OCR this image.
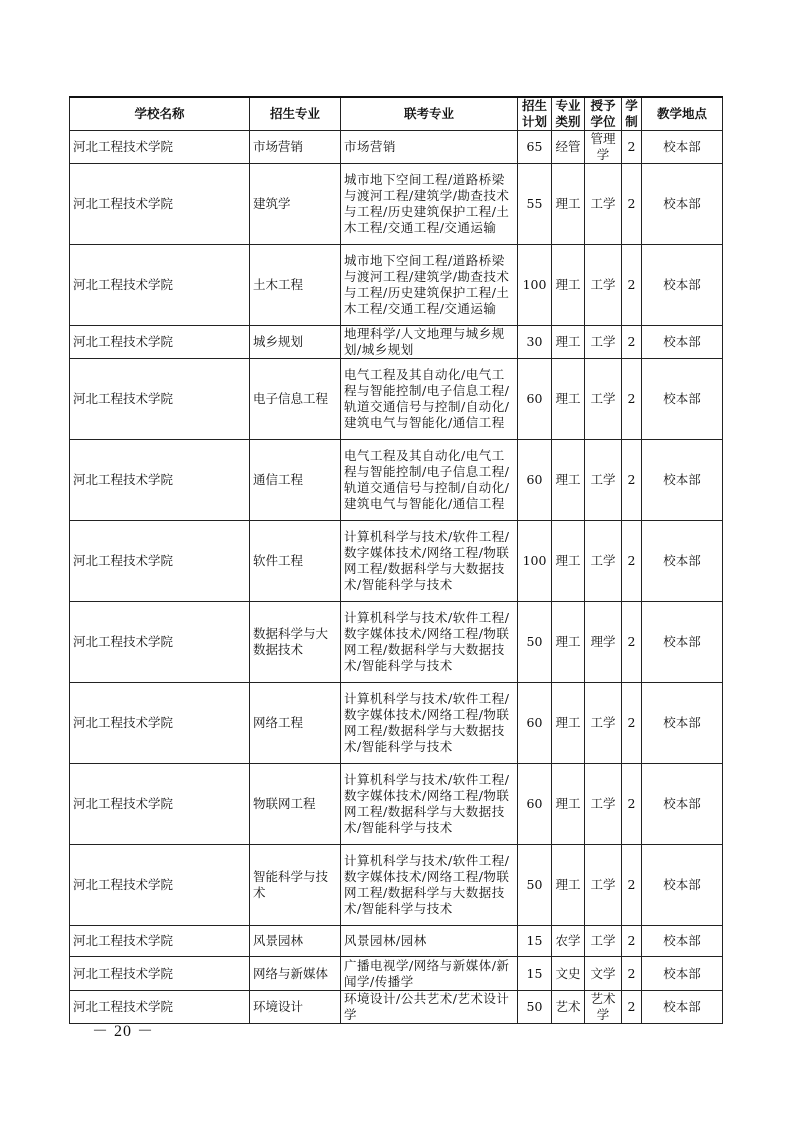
学校名称	招生专业	联考专业	招生计划	专业类别	授予学位	学制	教学地点
河北工程技术学院	市场营销	市场营销	65	经管	管理学	2	校本部
河北工程技术学院	建筑学	城市地下空间工程/道路桥梁与渡河工程/建筑学/勘查技术与工程/历史建筑保护工程/土木工程/交通工程/交通运输	55	理工	工学	2	校本部
河北工程技术学院	土木工程	城市地下空间工程/道路桥梁与渡河工程/建筑学/勘查技术与工程/历史建筑保护工程/土木工程/交通工程/交通运输	100	理工	工学	2	校本部
河北工程技术学院	城乡规划	地理科学/人文地理与城乡规划/城乡规划	30	理工	工学	2	校本部
河北工程技术学院	电子信息工程	电气工程及其自动化/电气工程与智能控制/电子信息工程/轨道交通信号与控制/自动化/建筑电气与智能化/通信工程	60	理工	工学	2	校本部
河北工程技术学院	通信工程	电气工程及其自动化/电气工程与智能控制/电子信息工程/轨道交通信号与控制/自动化/建筑电气与智能化/通信工程	60	理工	工学	2	校本部
河北工程技术学院	软件工程	计算机科学与技术/软件工程/数字媒体技术/网络工程/物联网工程/数据科学与大数据技术/智能科学与技术	100	理工	工学	2	校本部
河北工程技术学院	数据科学与大数据技术	计算机科学与技术/软件工程/数字媒体技术/网络工程/物联网工程/数据科学与大数据技术/智能科学与技术	50	理工	理学	2	校本部
河北工程技术学院	网络工程	计算机科学与技术/软件工程/数字媒体技术/网络工程/物联网工程/数据科学与大数据技术/智能科学与技术	60	理工	工学	2	校本部
河北工程技术学院	物联网工程	计算机科学与技术/软件工程/数字媒体技术/网络工程/物联网工程/数据科学与大数据技术/智能科学与技术	60	理工	工学	2	校本部
河北工程技术学院	智能科学与技术	计算机科学与技术/软件工程/数字媒体技术/网络工程/物联网工程/数据科学与大数据技术/智能科学与技术	50	理工	工学	2	校本部
河北工程技术学院	风景园林	风景园林/园林	15	农学	工学	2	校本部
河北工程技术学院	网络与新媒体	广播电视学/网络与新媒体/新闻学/传播学	15	文史	文学	2	校本部
河北工程技术学院	环境设计	环境设计/公共艺术/艺术设计学	50	艺术	艺术学	2	校本部
－ 20 －
